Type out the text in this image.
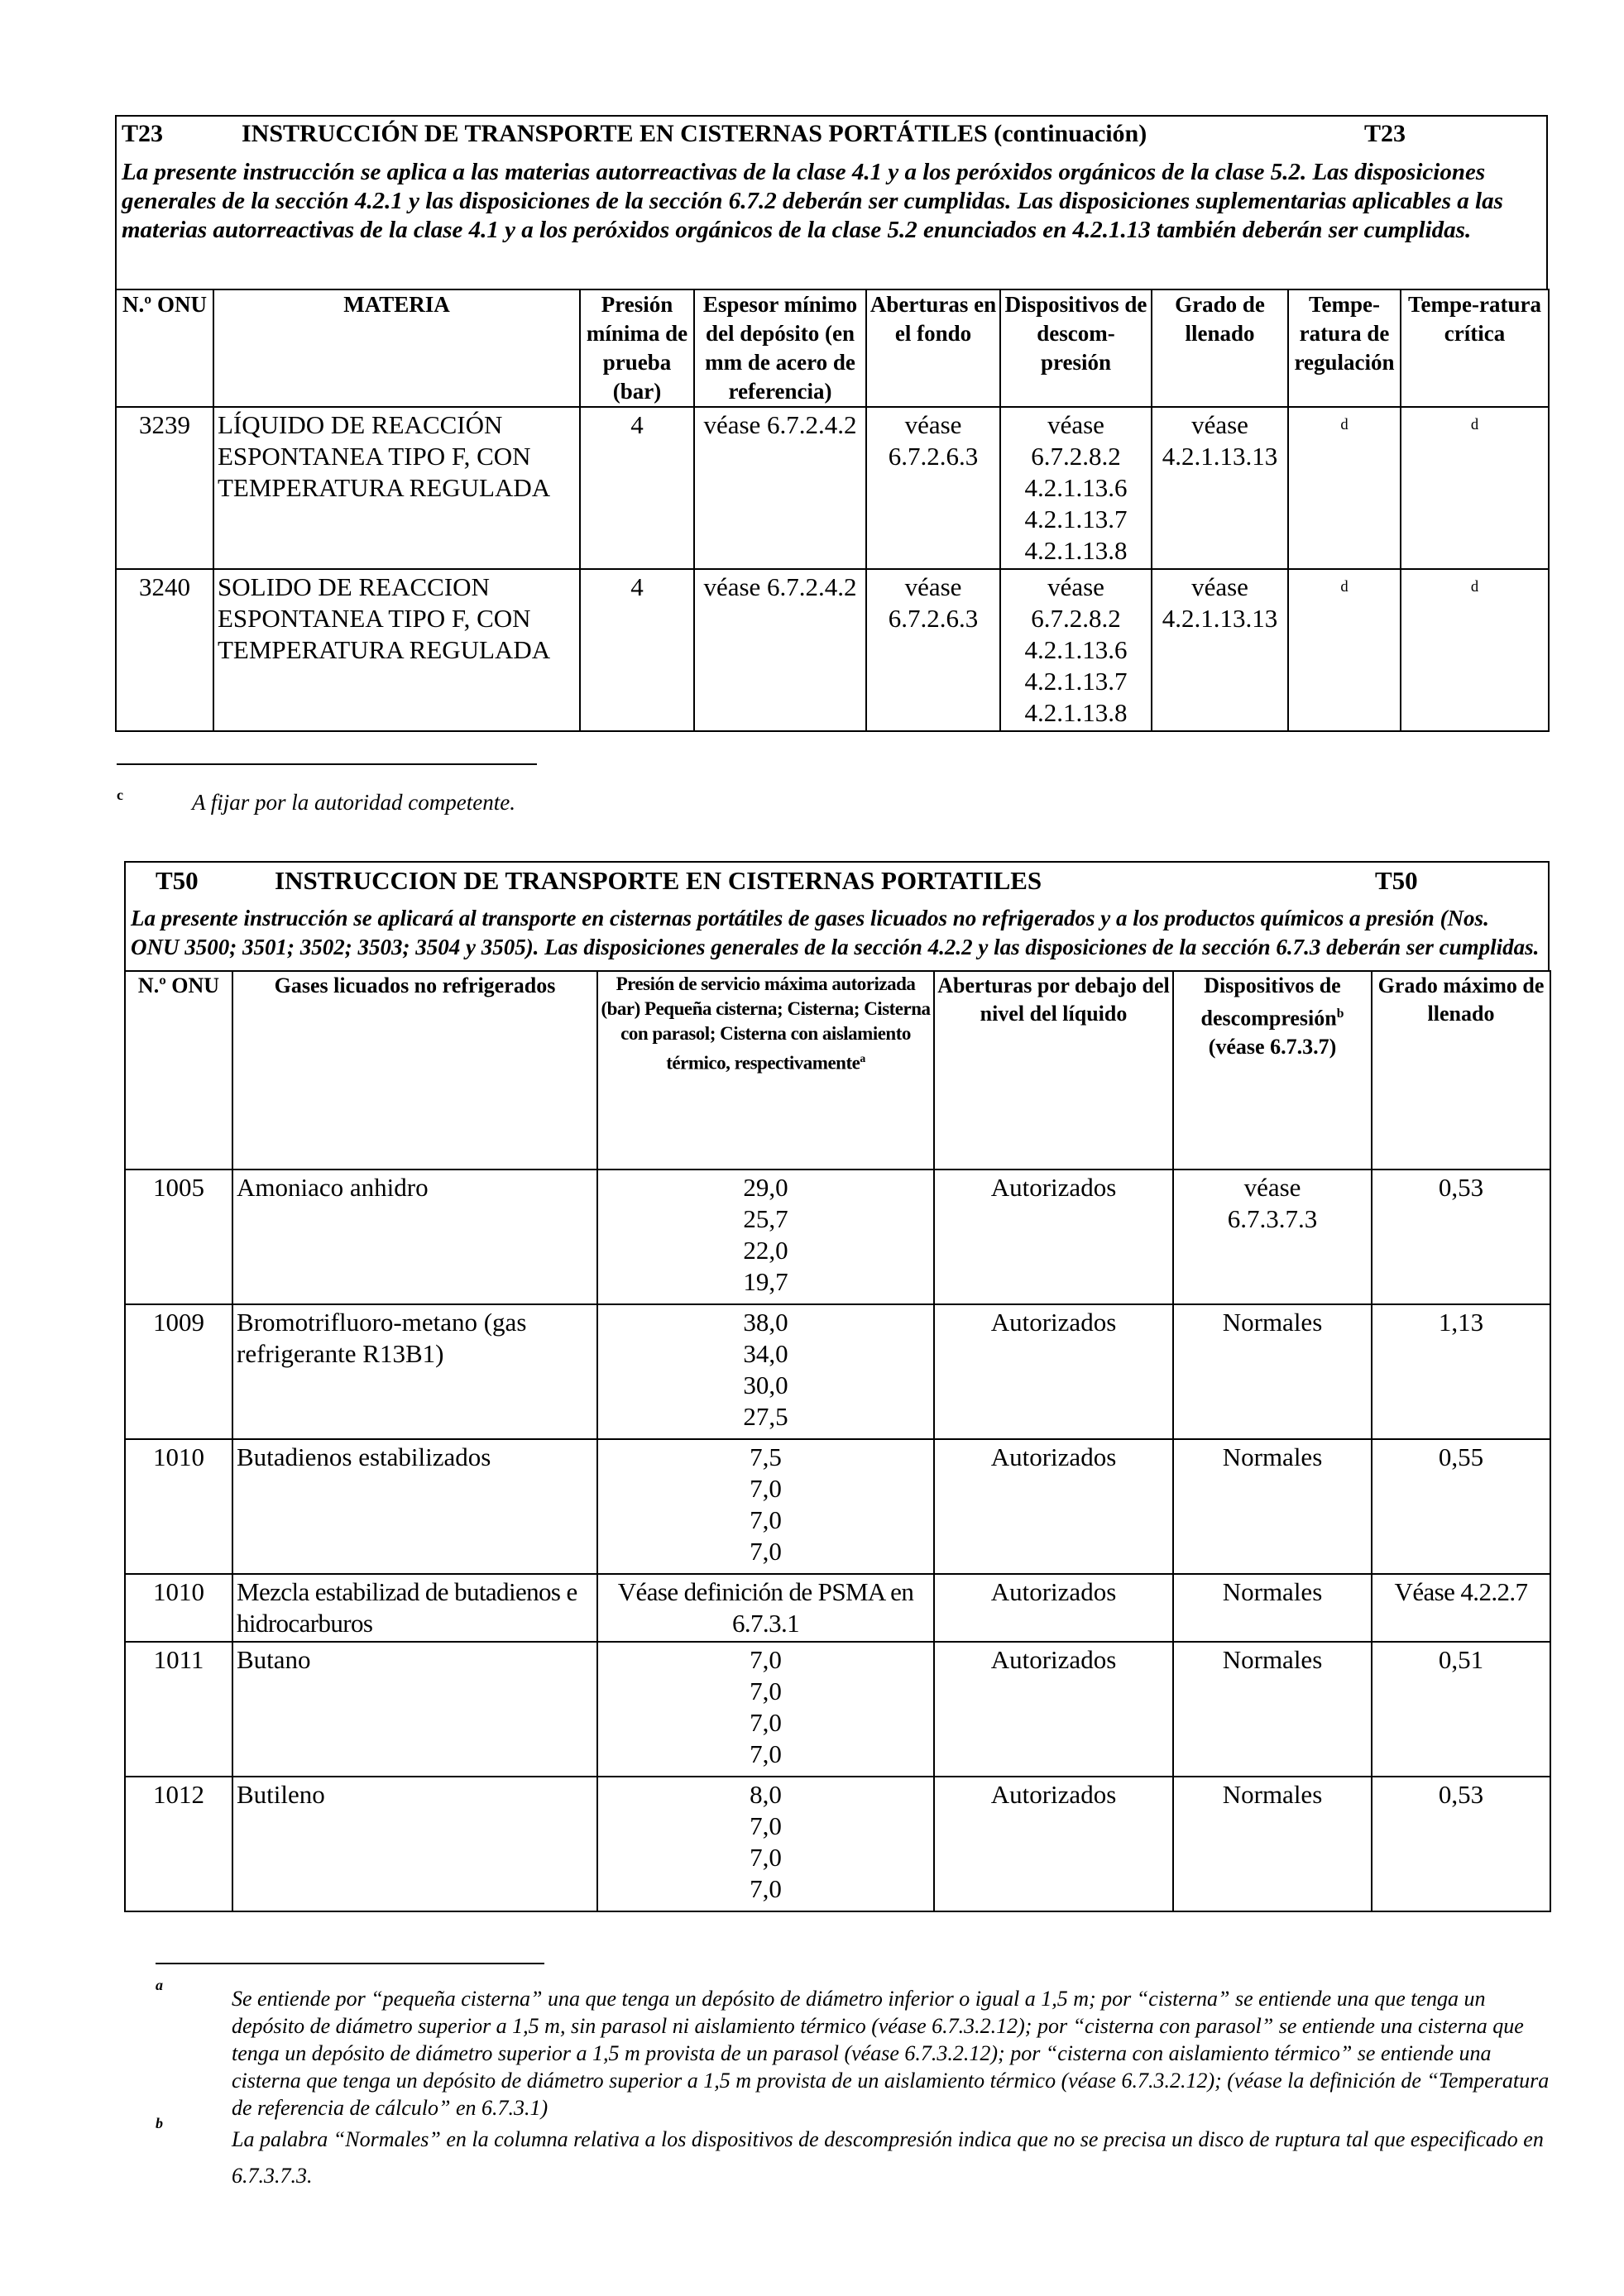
T23	INSTRUCCIÓN DE TRANSPORTE EN CISTERNAS PORTÁTILES (continuación)	T23
La presente instrucción se aplica a las materias autorreactivas de la clase 4.1 y a los peróxidos orgánicos de la clase 5.2. Las disposiciones generales de la sección 4.2.1 y las disposiciones de la sección 6.7.2 deberán ser cumplidas. Las disposiciones suplementarias aplicables a las materias autorreactivas de la clase 4.1 y a los peróxidos orgánicos de la clase 5.2 enunciados en 4.2.1.13 también deberán ser cumplidas.
N.º ONU	MATERIA	Presión mínima de prueba (bar)	Espesor mínimo del depósito (en mm de acero de referencia)	Aberturas en el fondo	Dispositivos de descom-presión	Grado de llenado	Tempe-ratura de regulación	Tempe-ratura crítica
3239	LÍQUIDO DE REACCIÓN ESPONTANEA TIPO F, CON TEMPERATURA REGULADA	4	véase 6.7.2.4.2	véase 6.7.2.6.3	véase
6.7.2.8.2
4.2.1.13.6
4.2.1.13.7
4.2.1.13.8	véase 4.2.1.13.13	$^d$	$^d$
3240	SOLIDO DE REACCION ESPONTANEA TIPO F, CON TEMPERATURA REGULADA	4	véase 6.7.2.4.2	véase 6.7.2.6.3	véase
6.7.2.8.2
4.2.1.13.6
4.2.1.13.7
4.2.1.13.8	véase 4.2.1.13.13	$^d$	$^d$
c	A fijar por la autoridad competente.
T50	INSTRUCCION DE TRANSPORTE EN CISTERNAS PORTATILES	T50
La presente instrucción se aplicará al transporte en cisternas portátiles de gases licuados no refrigerados y a los productos químicos a presión (Nos. ONU 3500; 3501; 3502; 3503; 3504 y 3505). Las disposiciones generales de la sección 4.2.2 y las disposiciones de la sección 6.7.3 deberán ser cumplidas.
N.º ONU	Gases licuados no refrigerados	Presión de servicio máxima autorizada (bar) Pequeña cisterna; Cisterna; Cisterna con parasol; Cisterna con aislamiento térmico, respectivamente$^a$	Aberturas por debajo del nivel del líquido	Dispositivos de descompresión$^b$
(véase 6.7.3.7)	Grado máximo de llenado
1005	Amoniaco anhidro	29,0
25,7
22,0
19,7	Autorizados	véase 6.7.3.7.3	0,53
1009	Bromotrifluoro-metano (gas refrigerante R13B1)	38,0
34,0
30,0
27,5	Autorizados	Normales	1,13
1010	Butadienos estabilizados	7,5
7,0
7,0
7,0	Autorizados	Normales	0,55
1010	Mezcla estabilizad de butadienos e hidrocarburos	Véase definición de PSMA en 6.7.3.1	Autorizados	Normales	Véase 4.2.2.7
1011	Butano	7,0
7,0
7,0
7,0	Autorizados	Normales	0,51
1012	Butileno	8,0
7,0
7,0
7,0	Autorizados	Normales	0,53
a
Se entiende por “pequeña cisterna” una que tenga un depósito de diámetro inferior o igual a 1,5 m; por “cisterna” se entiende una que tenga un depósito de diámetro superior a 1,5 m, sin parasol ni aislamiento térmico (véase 6.7.3.2.12); por “cisterna con parasol” se entiende una cisterna que tenga un depósito de diámetro superior a 1,5 m provista de un parasol (véase 6.7.3.2.12); por “cisterna con aislamiento térmico” se entiende una cisterna que tenga un depósito de diámetro superior a 1,5 m provista de un aislamiento térmico (véase 6.7.3.2.12); (véase la definición de “Temperatura de referencia de cálculo” en 6.7.3.1)
b
La palabra “Normales” en la columna relativa a los dispositivos de descompresión indica que no se precisa un disco de ruptura tal que especificado en 6.7.3.7.3.
